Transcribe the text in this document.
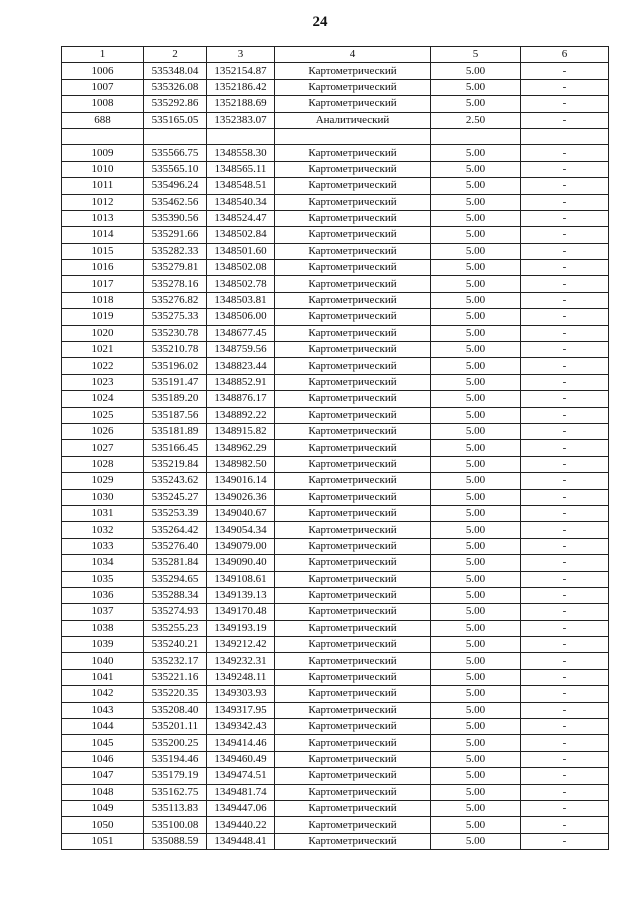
24
1	2	3	4	5	6
1006	535348.04	1352154.87	Картометрический	5.00	-
1007	535326.08	1352186.42	Картометрический	5.00	-
1008	535292.86	1352188.69	Картометрический	5.00	-
688	535165.05	1352383.07	Аналитический	2.50	-

1009	535566.75	1348558.30	Картометрический	5.00	-
1010	535565.10	1348565.11	Картометрический	5.00	-
1011	535496.24	1348548.51	Картометрический	5.00	-
1012	535462.56	1348540.34	Картометрический	5.00	-
1013	535390.56	1348524.47	Картометрический	5.00	-
1014	535291.66	1348502.84	Картометрический	5.00	-
1015	535282.33	1348501.60	Картометрический	5.00	-
1016	535279.81	1348502.08	Картометрический	5.00	-
1017	535278.16	1348502.78	Картометрический	5.00	-
1018	535276.82	1348503.81	Картометрический	5.00	-
1019	535275.33	1348506.00	Картометрический	5.00	-
1020	535230.78	1348677.45	Картометрический	5.00	-
1021	535210.78	1348759.56	Картометрический	5.00	-
1022	535196.02	1348823.44	Картометрический	5.00	-
1023	535191.47	1348852.91	Картометрический	5.00	-
1024	535189.20	1348876.17	Картометрический	5.00	-
1025	535187.56	1348892.22	Картометрический	5.00	-
1026	535181.89	1348915.82	Картометрический	5.00	-
1027	535166.45	1348962.29	Картометрический	5.00	-
1028	535219.84	1348982.50	Картометрический	5.00	-
1029	535243.62	1349016.14	Картометрический	5.00	-
1030	535245.27	1349026.36	Картометрический	5.00	-
1031	535253.39	1349040.67	Картометрический	5.00	-
1032	535264.42	1349054.34	Картометрический	5.00	-
1033	535276.40	1349079.00	Картометрический	5.00	-
1034	535281.84	1349090.40	Картометрический	5.00	-
1035	535294.65	1349108.61	Картометрический	5.00	-
1036	535288.34	1349139.13	Картометрический	5.00	-
1037	535274.93	1349170.48	Картометрический	5.00	-
1038	535255.23	1349193.19	Картометрический	5.00	-
1039	535240.21	1349212.42	Картометрический	5.00	-
1040	535232.17	1349232.31	Картометрический	5.00	-
1041	535221.16	1349248.11	Картометрический	5.00	-
1042	535220.35	1349303.93	Картометрический	5.00	-
1043	535208.40	1349317.95	Картометрический	5.00	-
1044	535201.11	1349342.43	Картометрический	5.00	-
1045	535200.25	1349414.46	Картометрический	5.00	-
1046	535194.46	1349460.49	Картометрический	5.00	-
1047	535179.19	1349474.51	Картометрический	5.00	-
1048	535162.75	1349481.74	Картометрический	5.00	-
1049	535113.83	1349447.06	Картометрический	5.00	-
1050	535100.08	1349440.22	Картометрический	5.00	-
1051	535088.59	1349448.41	Картометрический	5.00	-
